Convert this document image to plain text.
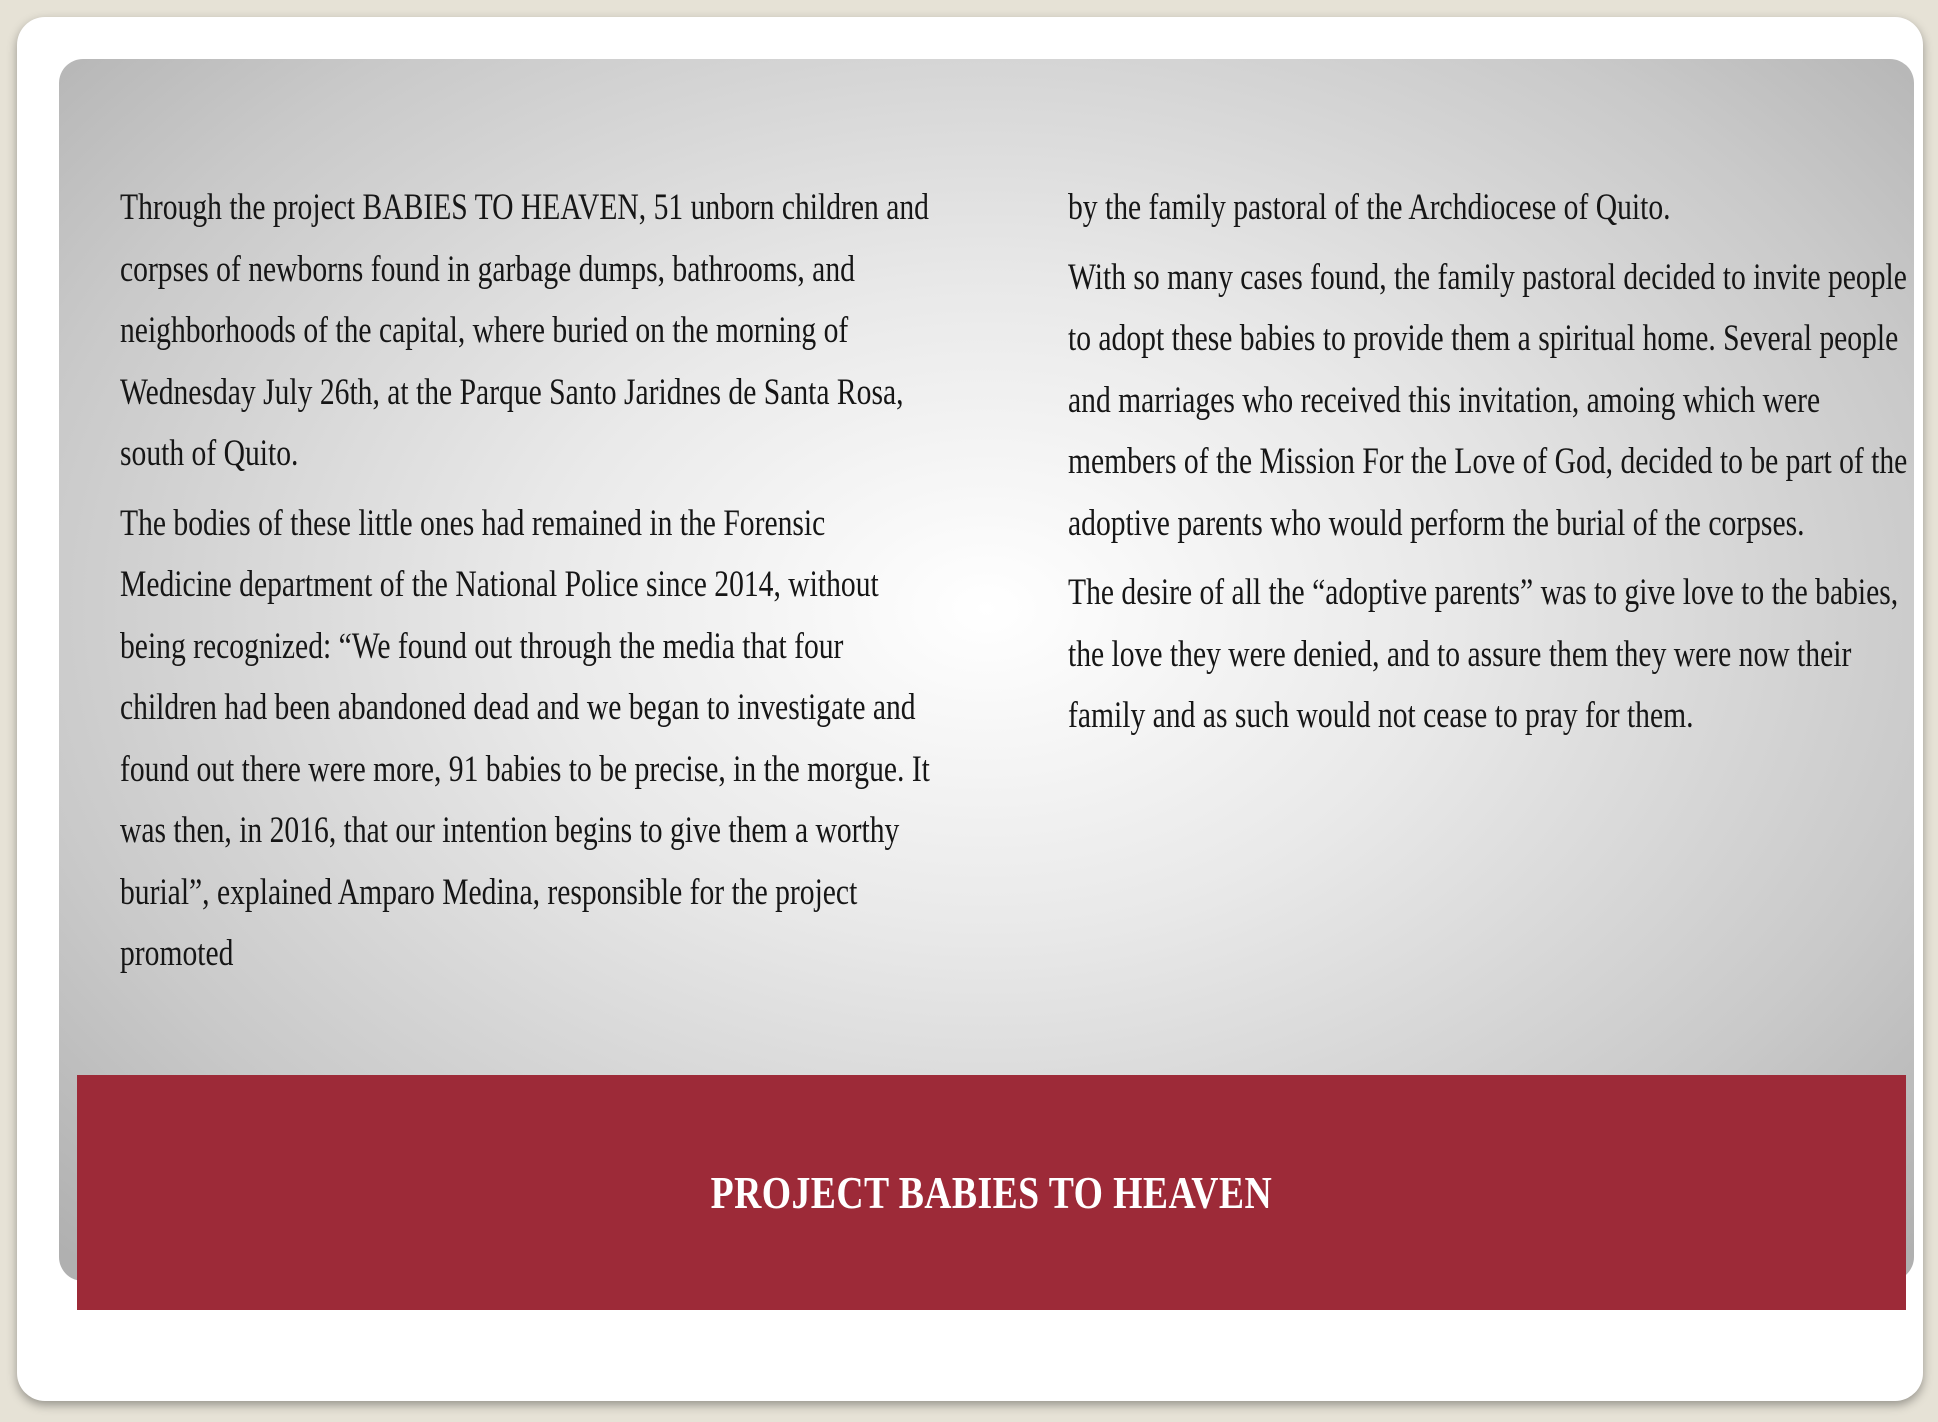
Through the project BABIES TO HEAVEN, 51 unborn children and corpses of newborns found in garbage dumps, bathrooms, and neighborhoods of the capital, where buried on the morning of Wednesday July 26th, at the Parque Santo Jaridnes de Santa Rosa, south of Quito.

The bodies of these little ones had remained in the Forensic Medicine department of the National Police since 2014, without being recognized: “We found out through the media that four children had been abandoned dead and we began to investigate and found out there were more, 91 babies to be precise, in the morgue. It was then, in 2016, that our intention begins to give them a worthy burial”, explained Amparo Medina, responsible for the project promoted

by the family pastoral of the Archdiocese of Quito.

With so many cases found, the family pastoral decided to invite people to adopt these babies to provide them a spiritual home. Several people and marriages who received this invitation, amoing which were members of the Mission For the Love of God, decided to be part of the adoptive parents who would perform the burial of the corpses.

The desire of all the “adoptive parents” was to give love to the babies, the love they were denied, and to assure them they were now their family and as such would not cease to pray for them.

PROJECT BABIES TO HEAVEN
